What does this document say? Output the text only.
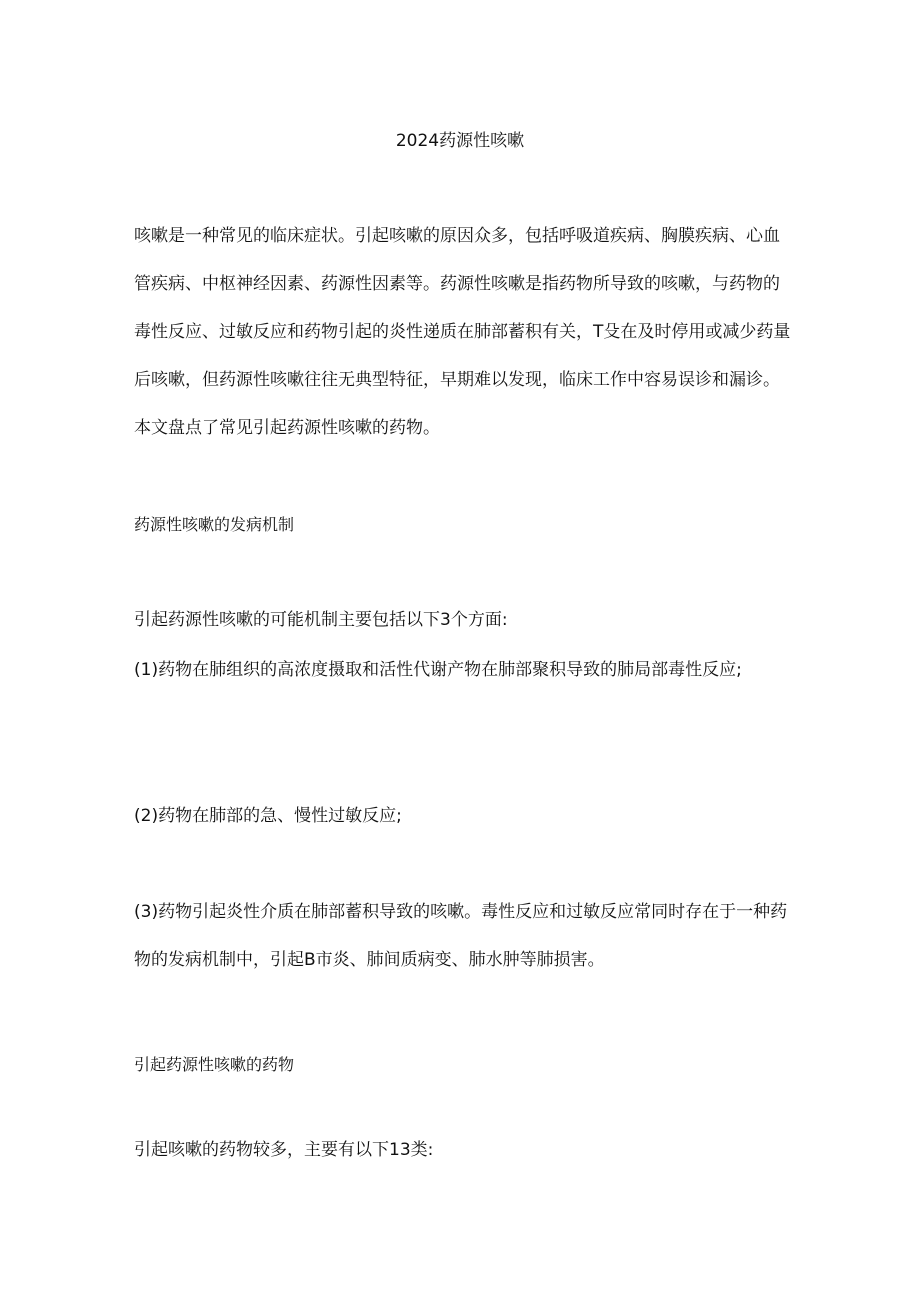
2024药源性咳嗽

咳嗽是一种常见的临床症状。引起咳嗽的原因众多，包括呼吸道疾病、胸膜疾病、心血管疾病、中枢神经因素、药源性因素等。药源性咳嗽是指药物所导致的咳嗽，与药物的毒性反应、过敏反应和药物引起的炎性递质在肺部蓄积有关，T殳在及时停用或减少药量后咳嗽，但药源性咳嗽往往无典型特征，早期难以发现，临床工作中容易误诊和漏诊。本文盘点了常见引起药源性咳嗽的药物。

药源性咳嗽的发病机制

引起药源性咳嗽的可能机制主要包括以下3个方面:

(1)药物在肺组织的高浓度摄取和活性代谢产物在肺部聚积导致的肺局部毒性反应;

(2)药物在肺部的急、慢性过敏反应;

(3)药物引起炎性介质在肺部蓄积导致的咳嗽。毒性反应和过敏反应常同时存在于一种药物的发病机制中，引起B市炎、肺间质病变、肺水肿等肺损害。

引起药源性咳嗽的药物

引起咳嗽的药物较多，主要有以下13类:
